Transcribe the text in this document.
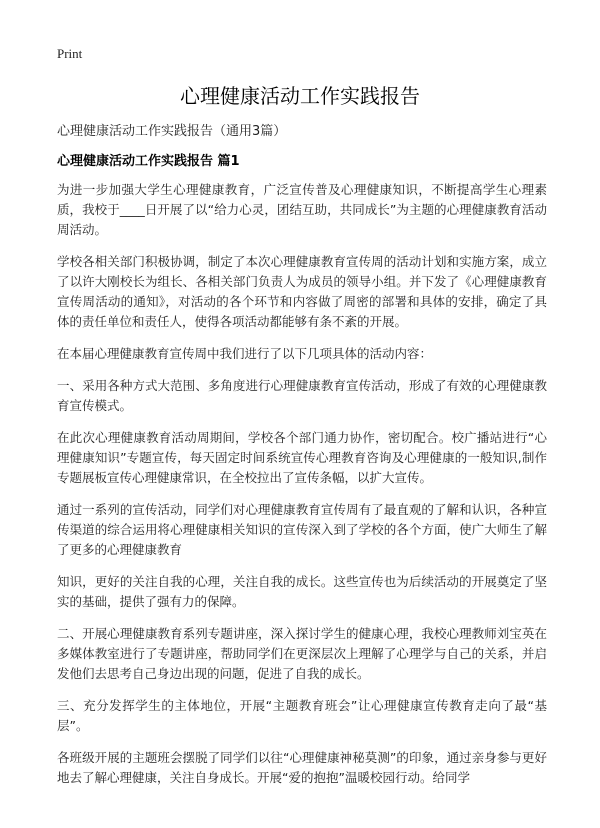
Print
心理健康活动工作实践报告
心理健康活动工作实践报告（通用3篇）
心理健康活动工作实践报告 篇1

为进一步加强大学生心理健康教育，广泛宣传普及心理健康知识，不断提高学生心理素质，我校于____日开展了以“给力心灵，团结互助，共同成长”为主题的心理健康教育活动周活动。

学校各相关部门积极协调，制定了本次心理健康教育宣传周的活动计划和实施方案，成立了以许大刚校长为组长、各相关部门负责人为成员的领导小组。并下发了《心理健康教育宣传周活动的通知》，对活动的各个环节和内容做了周密的部署和具体的安排，确定了具体的责任单位和责任人，使得各项活动都能够有条不紊的开展。

在本届心理健康教育宣传周中我们进行了以下几项具体的活动内容：

一、采用各种方式大范围、多角度进行心理健康教育宣传活动，形成了有效的心理健康教育宣传模式。

在此次心理健康教育活动周期间，学校各个部门通力协作，密切配合。校广播站进行“心理健康知识”专题宣传，每天固定时间系统宣传心理教育咨询及心理健康的一般知识,制作专题展板宣传心理健康常识，在全校拉出了宣传条幅，以扩大宣传。

通过一系列的宣传活动，同学们对心理健康教育宣传周有了最直观的了解和认识，各种宣传渠道的综合运用将心理健康相关知识的宣传深入到了学校的各个方面，使广大师生了解了更多的心理健康教育

知识，更好的关注自我的心理，关注自我的成长。这些宣传也为后续活动的开展奠定了坚实的基础，提供了强有力的保障。

二、开展心理健康教育系列专题讲座，深入探讨学生的健康心理，我校心理教师刘宝英在多媒体教室进行了专题讲座，帮助同学们在更深层次上理解了心理学与自己的关系，并启发他们去思考自己身边出现的问题，促进了自我的成长。

三、充分发挥学生的主体地位，开展“主题教育班会”让心理健康宣传教育走向了最“基层”。

各班级开展的主题班会摆脱了同学们以往“心理健康神秘莫测”的印象，通过亲身参与更好地去了解心理健康，关注自身成长。开展“爱的抱抱”温暖校园行动。给同学
